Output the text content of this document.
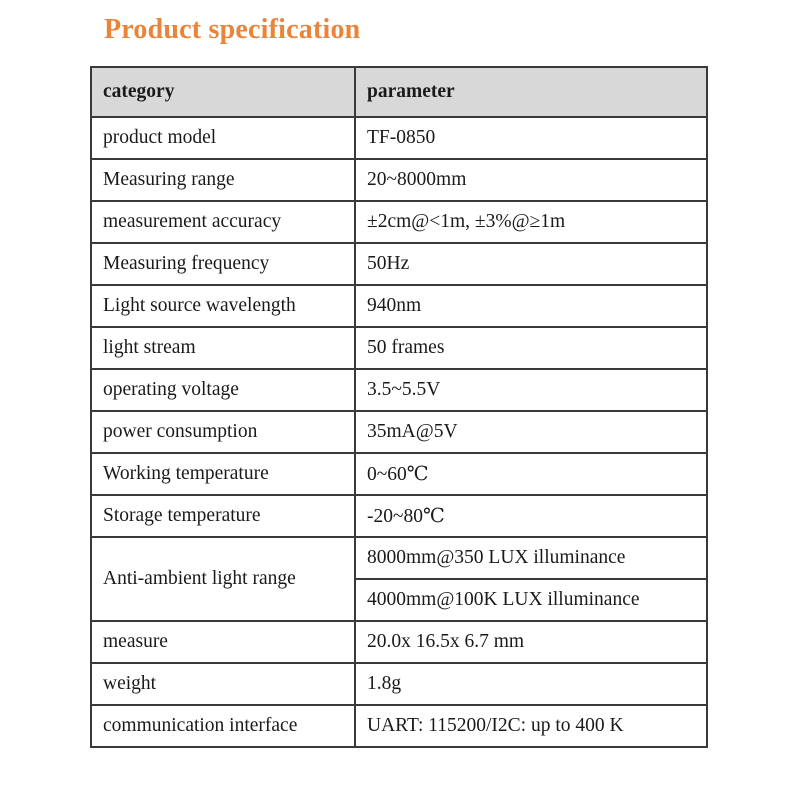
Product specification
category	parameter
product model	TF-0850
Measuring range	20~8000mm
measurement accuracy	±2cm@<1m, ±3%@≥1m
Measuring frequency	50Hz
Light source wavelength	940nm
light stream	50 frames
operating voltage	3.5~5.5V
power consumption	35mA@5V
Working temperature	0~60℃
Storage temperature	-20~80℃
Anti-ambient light range	8000mm@350 LUX illuminance
	4000mm@100K LUX illuminance
measure	20.0x 16.5x 6.7 mm
weight	1.8g
communication interface	UART: 115200/I2C: up to 400 K
